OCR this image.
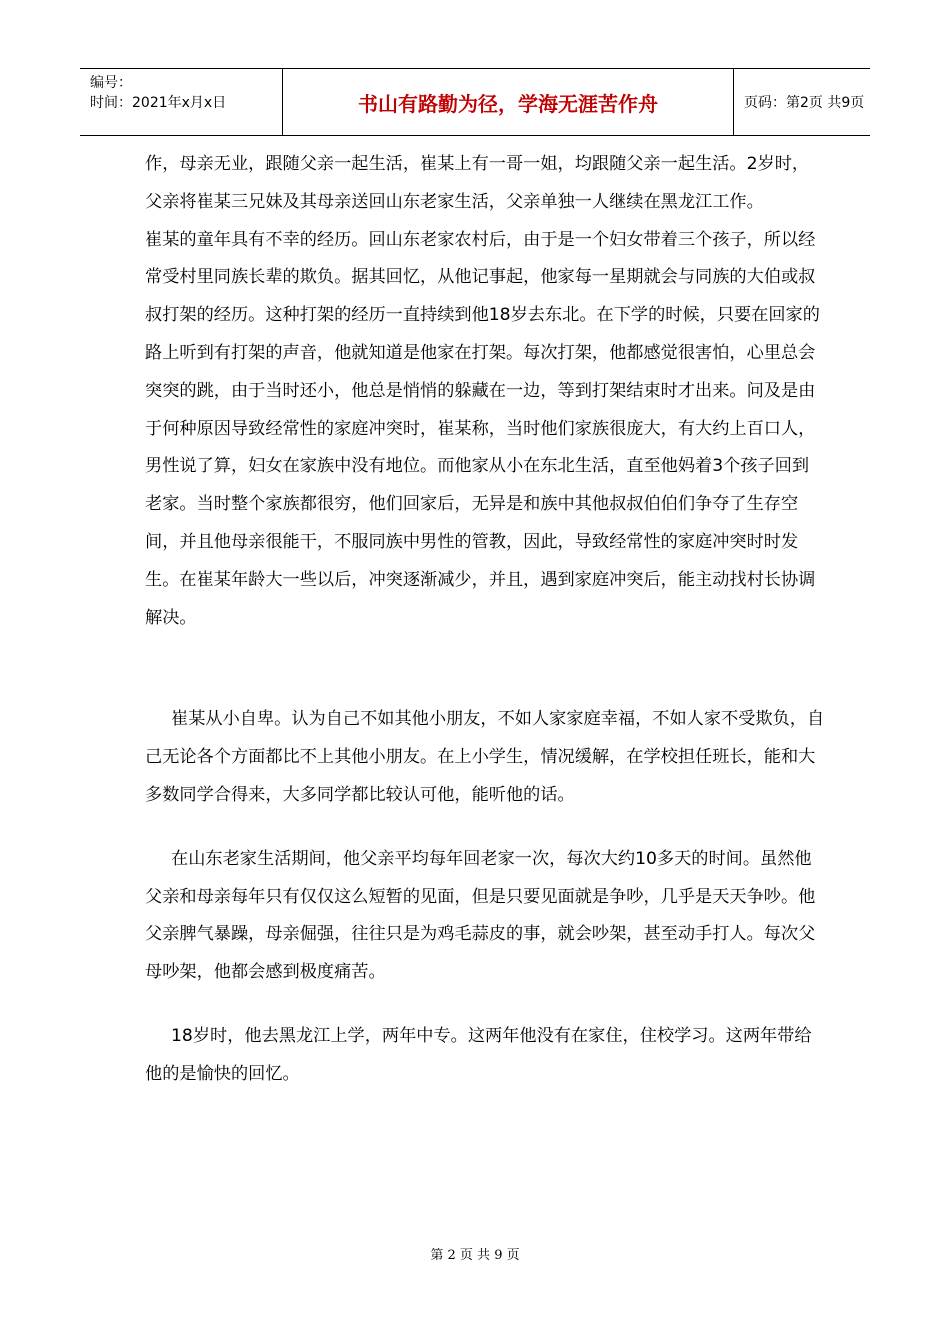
编号：
时间：2021年x月x日	书山有路勤为径，学海无涯苦作舟	页码：第2页 共9页

作，母亲无业，跟随父亲一起生活，崔某上有一哥一姐，均跟随父亲一起生活。2岁时，父亲将崔某三兄妹及其母亲送回山东老家生活，父亲单独一人继续在黑龙江工作。

崔某的童年具有不幸的经历。回山东老家农村后，由于是一个妇女带着三个孩子，所以经常受村里同族长辈的欺负。据其回忆，从他记事起，他家每一星期就会与同族的大伯或叔叔打架的经历。这种打架的经历一直持续到他18岁去东北。在下学的时候，只要在回家的路上听到有打架的声音，他就知道是他家在打架。每次打架，他都感觉很害怕，心里总会突突的跳，由于当时还小，他总是悄悄的躲藏在一边，等到打架结束时才出来。问及是由于何种原因导致经常性的家庭冲突时，崔某称，当时他们家族很庞大，有大约上百口人，男性说了算，妇女在家族中没有地位。而他家从小在东北生活，直至他妈着3个孩子回到老家。当时整个家族都很穷，他们回家后，无异是和族中其他叔叔伯伯们争夺了生存空间，并且他母亲很能干，不服同族中男性的管教，因此，导致经常性的家庭冲突时时发生。在崔某年龄大一些以后，冲突逐渐减少，并且，遇到家庭冲突后，能主动找村长协调解决。

崔某从小自卑。认为自己不如其他小朋友，不如人家家庭幸福，不如人家不受欺负，自己无论各个方面都比不上其他小朋友。在上小学生，情况缓解，在学校担任班长，能和大多数同学合得来，大多同学都比较认可他，能听他的话。

在山东老家生活期间，他父亲平均每年回老家一次，每次大约10多天的时间。虽然他父亲和母亲每年只有仅仅这么短暂的见面，但是只要见面就是争吵，几乎是天天争吵。他父亲脾气暴躁，母亲倔强，往往只是为鸡毛蒜皮的事，就会吵架，甚至动手打人。每次父母吵架，他都会感到极度痛苦。

18岁时，他去黑龙江上学，两年中专。这两年他没有在家住，住校学习。这两年带给他的是愉快的回忆。

第 2 页 共 9 页
